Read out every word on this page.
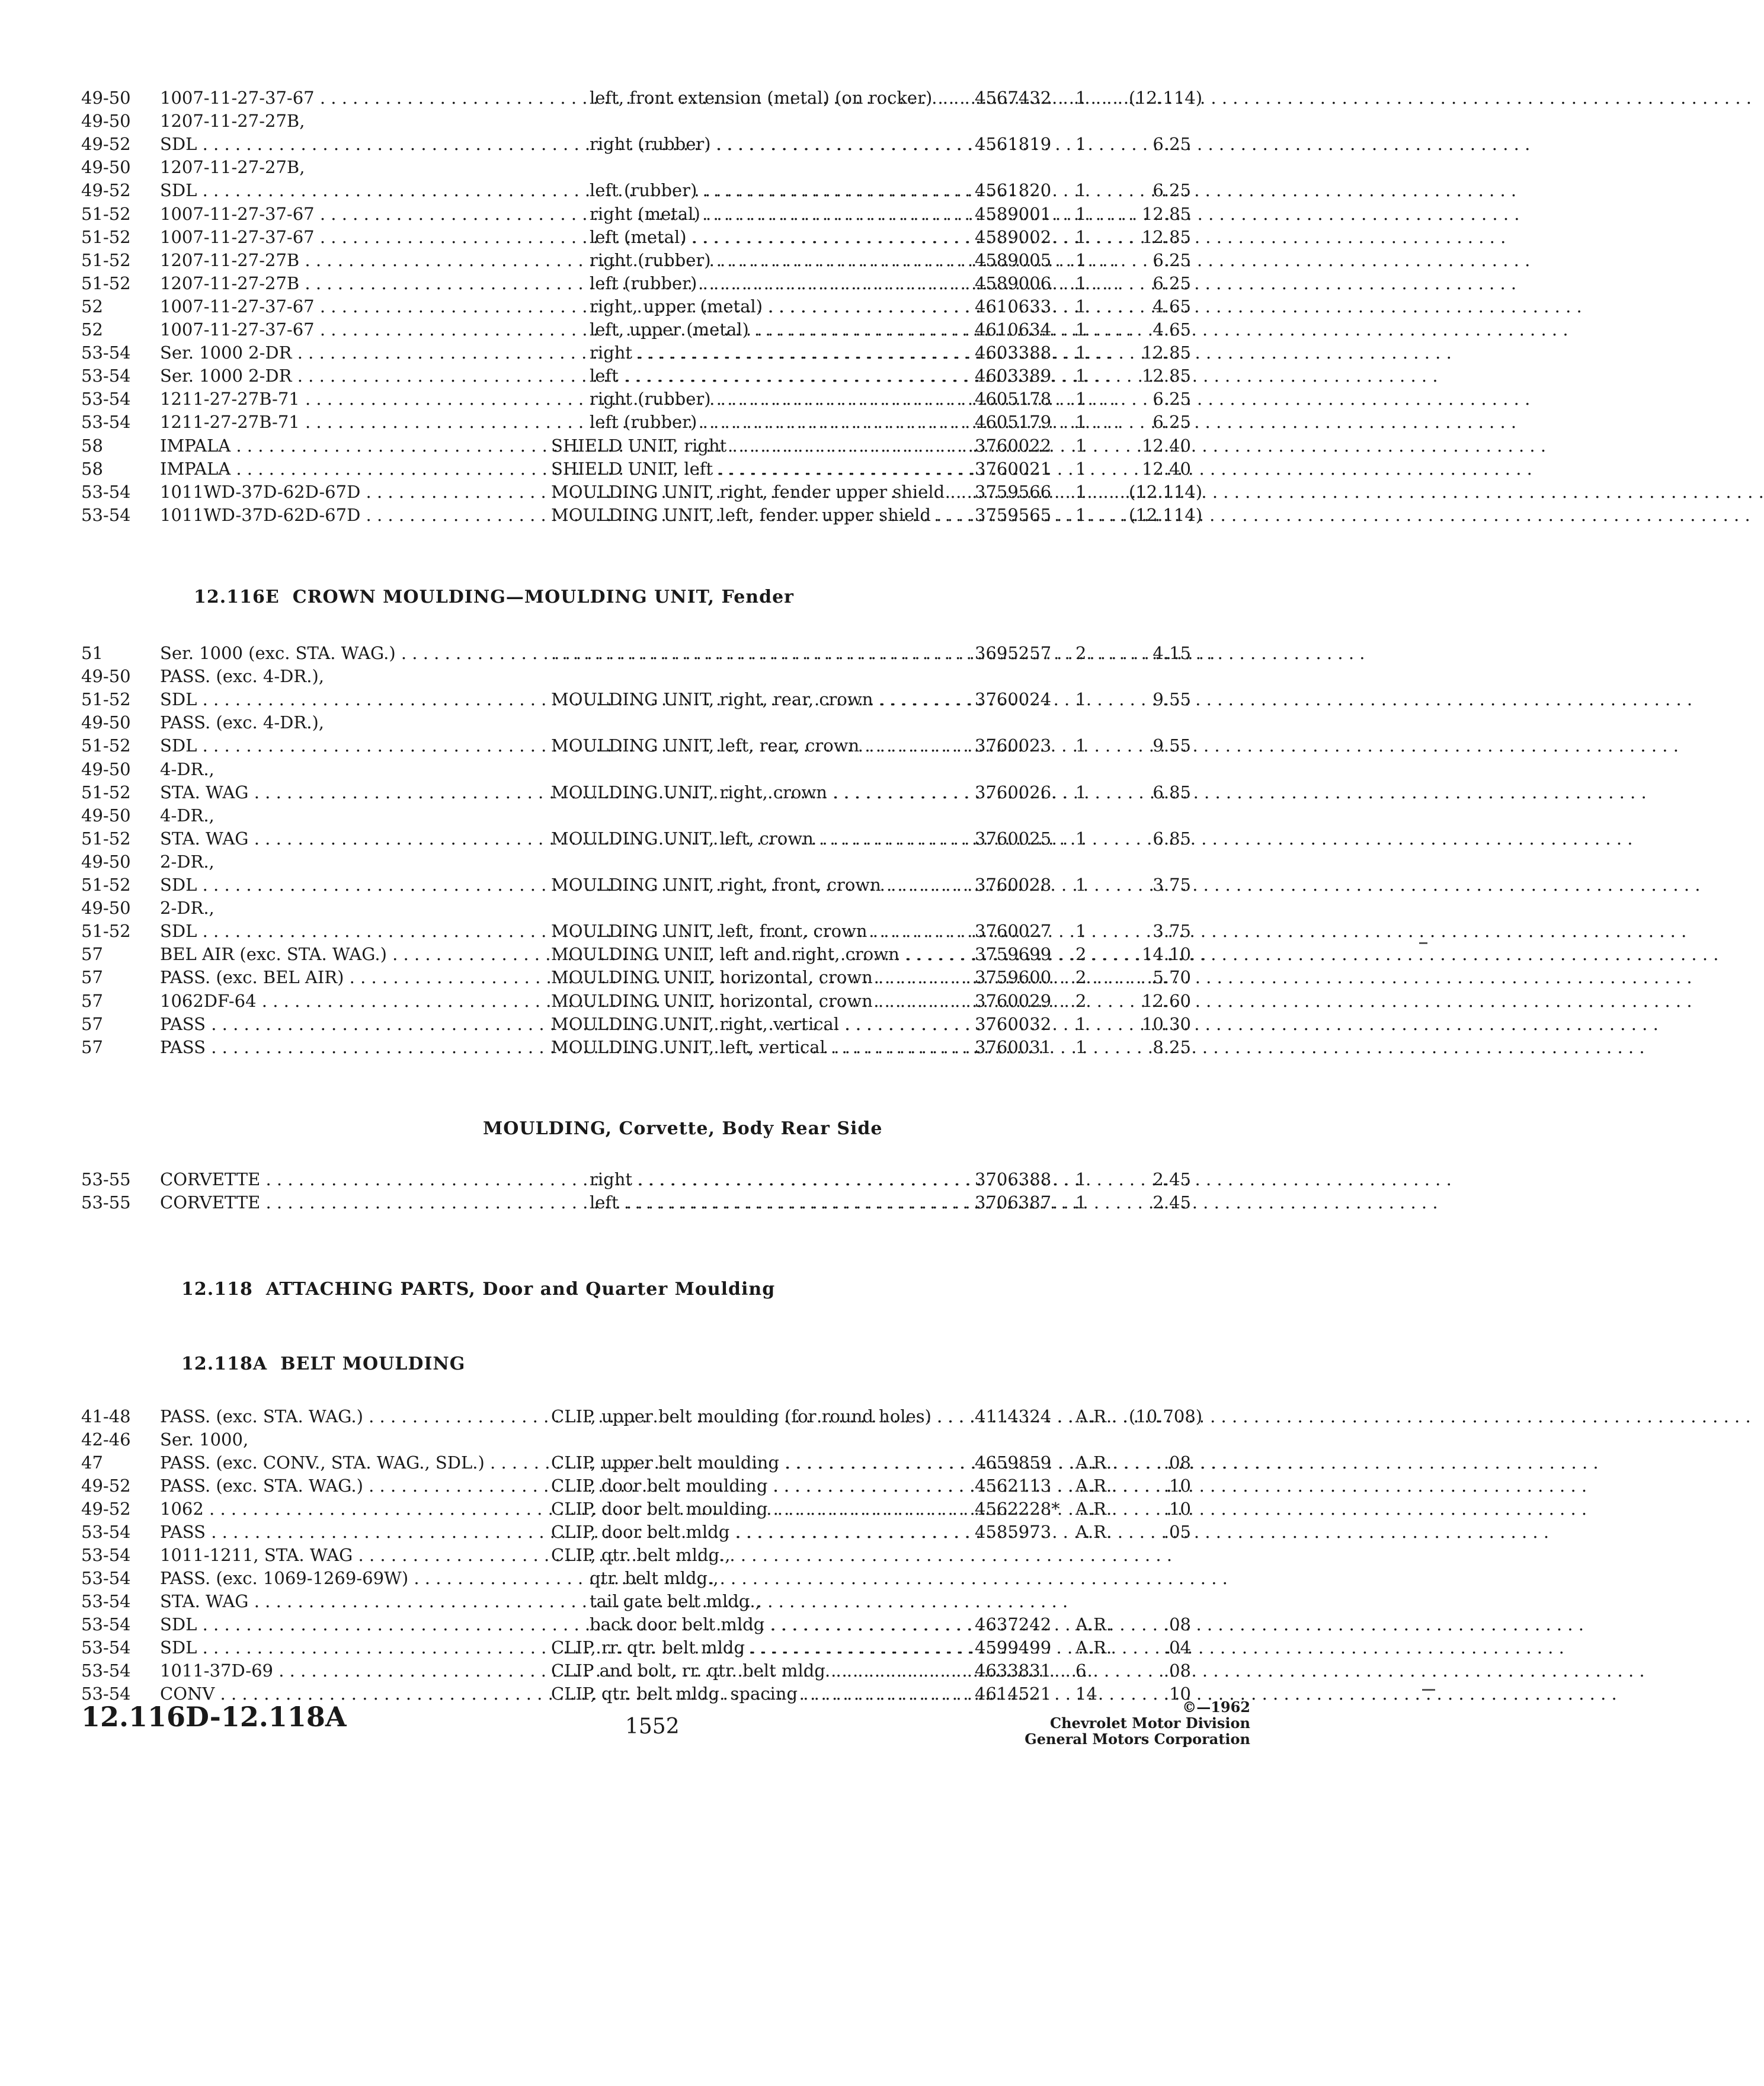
49-50	1007-11-27-37-67 . . .	left, front extension (metal) (on rocker) . . .	4567432	1	(12.114)
49-50	1207-11-27-27B,
49-52	SDL . . .	right (rubber) . . .	4561819	1	6.25
49-50	1207-11-27-27B,
49-52	SDL . . .	left (rubber) . . .	4561820	1	6.25
51-52	1007-11-27-37-67 . . .	right (metal) . . .	4589001	1	12.85
51-52	1007-11-27-37-67 . . .	left (metal) . . .	4589002	1	12.85
51-52	1207-11-27-27B . . .	right (rubber) . . .	4589005	1	6.25
51-52	1207-11-27-27B . . .	left (rubber) . . .	4589006	1	6.25
52	1007-11-27-37-67 . . .	right, upper (metal) . . .	4610633	1	4.65
52	1007-11-27-37-67 . . .	left, upper (metal) . . .	4610634	1	4.65
53-54	Ser. 1000 2-DR . . .	right . . .	4603388	1	12.85
53-54	Ser. 1000 2-DR . . .	left . . .	4603389	1	12.85
53-54	1211-27-27B-71 . . .	right (rubber) . . .	4605178	1	6.25
53-54	1211-27-27B-71 . . .	left (rubber) . . .	4605179	1	6.25
58	IMPALA . . .	SHIELD UNIT, right . . .	3760022	1	12.40
58	IMPALA . . .	SHIELD UNIT, left . . .	3760021	1	12.40
53-54	1011WD-37D-62D-67D . . .	MOULDING UNIT, right, fender upper shield . . .	3759566	1	(12.114)
53-54	1011WD-37D-62D-67D . . .	MOULDING UNIT, left, fender upper shield . . .	3759565	1	(12.114)
12.116E CROWN MOULDING—MOULDING UNIT, Fender
51	Ser. 1000 (exc. STA. WAG.) . . .
. . .	3695257	2	4.15
49-50	PASS. (exc. 4-DR.),
51-52	SDL . . .	MOULDING UNIT, right, rear, crown . . .	3760024	1	9.55
49-50	PASS. (exc. 4-DR.),
51-52	SDL . . .	MOULDING UNIT, left, rear, crown . . .	3760023	1	9.55
49-50	4-DR.,
51-52	STA. WAG . . .	MOULDING UNIT, right, crown . . .	3760026	1	6.85
49-50	4-DR.,
51-52	STA. WAG . . .	MOULDING UNIT, left, crown . . .	3760025	1	6.85
49-50	2-DR.,
51-52	SDL . . .	MOULDING UNIT, right, front, crown . . .	3760028	1	3.75
49-50	2-DR.,
51-52	SDL . . .	MOULDING UNIT, left, front, crown . . .	3760027	1	3.75
57	BEL AIR (exc. STA. WAG.) . . .	MOULDING UNIT, left and right, crown . . .	3759699	2	14.10
57	PASS. (exc. BEL AIR) . . .	MOULDING UNIT, horizontal, crown . . .	3759600	2	5.70
57	1062DF-64 . . .	MOULDING UNIT, horizontal, crown . . .	3760029	2	12.60
57	PASS . . .	MOULDING UNIT, right, vertical . . .	3760032	1	10.30
57	PASS . . .	MOULDING UNIT, left, vertical . . .	3760031	1	8.25
MOULDING, Corvette, Body Rear Side
53-55	CORVETTE . . .	right . . .	3706388	1	2.45
53-55	CORVETTE . . .	left . . .	3706387	1	2.45
12.118 ATTACHING PARTS, Door and Quarter Moulding
12.118A BELT MOULDING
41-48	PASS. (exc. STA. WAG.) . . .	CLIP, upper belt moulding (for round holes) . . .	4114324	A.R. (10.708)
42-46	Ser. 1000,
47	PASS. (exc. CONV., STA. WAG., SDL.) . . .	CLIP, upper belt moulding . . .	4659859	A.R.	.08
49-52	PASS. (exc. STA. WAG.) . . .	CLIP, door belt moulding . . .	4562113	A.R.	.10
49-52	1062 . . .	CLIP, door belt moulding . . .	4562228* A.R.	.10
53-54	PASS . . .	CLIP, door belt mldg . . .	4585973	A.R.	.05
53-54	1011-1211, STA. WAG . . .	CLIP, qtr. belt mldg.,
53-54	PASS. (exc. 1069-1269-69W) . . .	qtr. belt mldg.,
53-54	STA. WAG . . .	tail gate belt mldg.,
53-54	SDL . . .	back door belt mldg . . .	4637242	A.R.	.08
53-54	SDL . . .	CLIP, rr. qtr. belt mldg . . .	4599499	A.R.	.04
53-54	1011-37D-69 . . .	CLIP and bolt, rr. qtr. belt mldg . . .	4633831	6	.08
53-54	CONV . . .	CLIP, qtr. belt mldg. spacing . . .	4614521	14	.10
12.116D-12.118A	1552
©—1962
Chevrolet Motor Division
General Motors Corporation
